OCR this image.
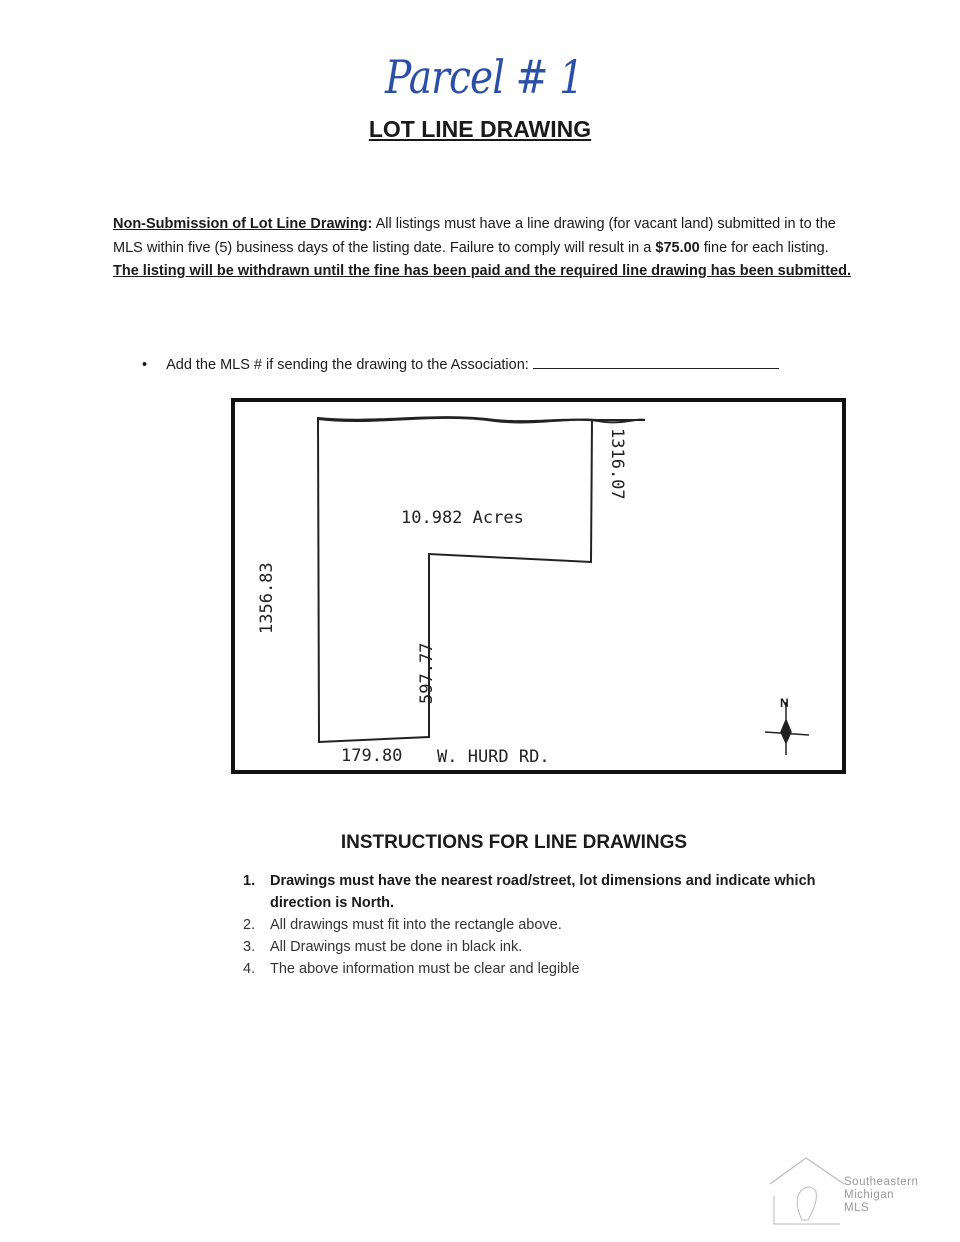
Parcel # 1
LOT LINE DRAWING
Non-Submission of Lot Line Drawing: All listings must have a line drawing (for vacant land) submitted in to the MLS within five (5) business days of the listing date. Failure to comply will result in a $75.00 fine for each listing. The listing will be withdrawn until the fine has been paid and the required line drawing has been submitted.
• Add the MLS # if sending the drawing to the Association:
10.982 Acres
1356.83
1316.07
597.77
179.80 W. HURD RD.
N
INSTRUCTIONS FOR LINE DRAWINGS
1. Drawings must have the nearest road/street, lot dimensions and indicate which direction is North.
2. All drawings must fit into the rectangle above.
3. All Drawings must be done in black ink.
4. The above information must be clear and legible
Southeastern
Michigan
MLS
